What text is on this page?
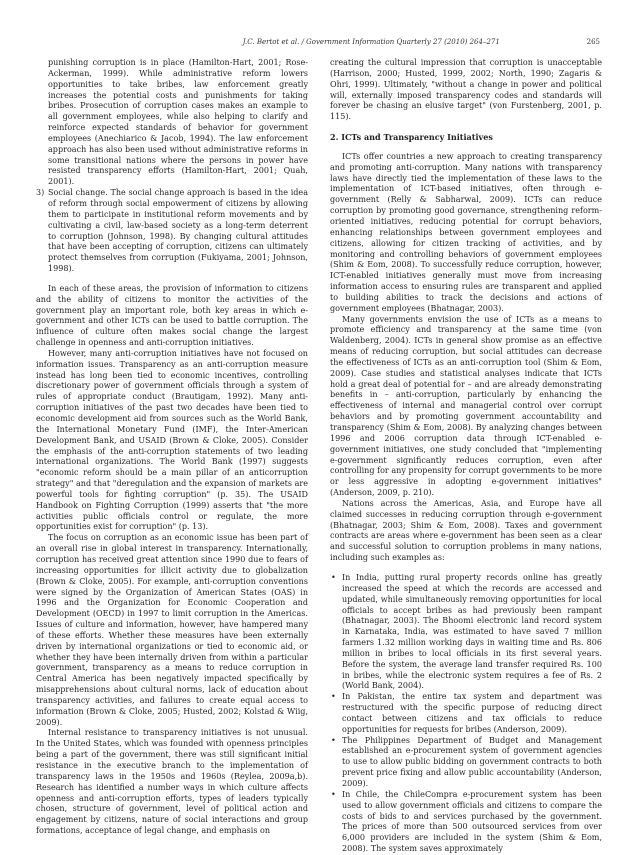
J.C. Bertot et al. / Government Information Quarterly 27 (2010) 264–271	265

punishing corruption is in place (Hamilton-Hart, 2001; Rose-Ackerman, 1999). While administrative reform lowers opportunities to take bribes, law enforcement greatly increases the potential costs and punishments for taking bribes. Prosecution of corruption cases makes an example to all government employees, while also helping to clarify and reinforce expected standards of behavior for government employees (Anechiarico & Jacob, 1994). The law enforcement approach has also been used without administrative reforms in some transitional nations where the persons in power have resisted transparency efforts (Hamilton-Hart, 2001; Quah, 2001).

3) Social change. The social change approach is based in the idea of reform through social empowerment of citizens by allowing them to participate in institutional reform movements and by cultivating a civil, law-based society as a long-term deterrent to corruption (Johnson, 1998). By changing cultural attitudes that have been accepting of corruption, citizens can ultimately protect themselves from corruption (Fukiyama, 2001; Johnson, 1998).

In each of these areas, the provision of information to citizens and the ability of citizens to monitor the activities of the government play an important role, both key areas in which e-government and other ICTs can be used to battle corruption. The influence of culture often makes social change the largest challenge in openness and anti-corruption initiatives.

However, many anti-corruption initiatives have not focused on information issues. Transparency as an anti-corruption measure instead has long been tied to economic incentives, controlling discretionary power of government officials through a system of rules of appropriate conduct (Brautigam, 1992). Many anti-corruption initiatives of the past two decades have been tied to economic development aid from sources such as the World Bank, the International Monetary Fund (IMF), the Inter-American Development Bank, and USAID (Brown & Cloke, 2005). Consider the emphasis of the anti-corruption statements of two leading international organizations. The World Bank (1997) suggests "economic reform should be a main pillar of an anticorruption strategy" and that "deregulation and the expansion of markets are powerful tools for fighting corruption" (p. 35). The USAID Handbook on Fighting Corruption (1999) asserts that "the more activities public officials control or regulate, the more opportunities exist for corruption" (p. 13).

The focus on corruption as an economic issue has been part of an overall rise in global interest in transparency. Internationally, corruption has received great attention since 1990 due to fears of increasing opportunities for illicit activity due to globalization (Brown & Cloke, 2005). For example, anti-corruption conventions were signed by the Organization of American States (OAS) in 1996 and the Organization for Economic Cooperation and Development (OECD) in 1997 to limit corruption in the Americas. Issues of culture and information, however, have hampered many of these efforts. Whether these measures have been externally driven by international organizations or tied to economic aid, or whether they have been internally driven from within a particular government, transparency as a means to reduce corruption in Central America has been negatively impacted specifically by misapprehensions about cultural norms, lack of education about transparency activities, and failures to create equal access to information (Brown & Cloke, 2005; Husted, 2002; Kolstad & Wiig, 2009).

Internal resistance to transparency initiatives is not unusual. In the United States, which was founded with openness principles being a part of the government, there was still significant initial resistance in the executive branch to the implementation of transparency laws in the 1950s and 1960s (Reylea, 2009a,b). Research has identified a number ways in which culture affects openness and anti-corruption efforts, types of leaders typically chosen, structure of government, level of political action and engagement by citizens, nature of social interactions and group formations, acceptance of legal change, and emphasis on

creating the cultural impression that corruption is unacceptable (Harrison, 2000; Husted, 1999, 2002; North, 1990; Zagaris & Ohri, 1999). Ultimately, "without a change in power and political will, externally imposed transparency codes and standards will forever be chasing an elusive target" (von Furstenberg, 2001, p. 115).

2. ICTs and Transparency Initiatives

ICTs offer countries a new approach to creating transparency and promoting anti-corruption. Many nations with transparency laws have directly tied the implementation of these laws to the implementation of ICT-based initiatives, often through e-government (Relly & Sabharwal, 2009). ICTs can reduce corruption by promoting good governance, strengthening reform-oriented initiatives, reducing potential for corrupt behaviors, enhancing relationships between government employees and citizens, allowing for citizen tracking of activities, and by monitoring and controlling behaviors of government employees (Shim & Eom, 2008). To successfully reduce corruption, however, ICT-enabled initiatives generally must move from increasing information access to ensuring rules are transparent and applied to building abilities to track the decisions and actions of government employees (Bhatnagar, 2003).

Many governments envision the use of ICTs as a means to promote efficiency and transparency at the same time (von Waldenberg, 2004). ICTs in general show promise as an effective means of reducing corruption, but social attitudes can decrease the effectiveness of ICTs as an anti-corruption tool (Shim & Eom, 2009). Case studies and statistical analyses indicate that ICTs hold a great deal of potential for – and are already demonstrating benefits in – anti-corruption, particularly by enhancing the effectiveness of internal and managerial control over corrupt behaviors and by promoting government accountability and transparency (Shim & Eom, 2008). By analyzing changes between 1996 and 2006 corruption data through ICT-enabled e-government initiatives, one study concluded that "implementing e-government significantly reduces corruption, even after controlling for any propensity for corrupt governments to be more or less aggressive in adopting e-government initiatives" (Anderson, 2009, p. 210).

Nations across the Americas, Asia, and Europe have all claimed successes in reducing corruption through e-government (Bhatnagar, 2003; Shim & Eom, 2008). Taxes and government contracts are areas where e-government has been seen as a clear and successful solution to corruption problems in many nations, including such examples as:

• In India, putting rural property records online has greatly increased the speed at which the records are accessed and updated, while simultaneously removing opportunities for local officials to accept bribes as had previously been rampant (Bhatnagar, 2003). The Bhoomi electronic land record system in Karnataka, India, was estimated to have saved 7 million farmers 1.32 million working days in waiting time and Rs. 806 million in bribes to local officials in its first several years. Before the system, the average land transfer required Rs. 100 in bribes, while the electronic system requires a fee of Rs. 2 (World Bank, 2004).
• In Pakistan, the entire tax system and department was restructured with the specific purpose of reducing direct contact between citizens and tax officials to reduce opportunities for requests for bribes (Anderson, 2009).
• The Philippines Department of Budget and Management established an e-procurement system of government agencies to use to allow public bidding on government contracts to both prevent price fixing and allow public accountability (Anderson, 2009).
• In Chile, the ChileCompra e-procurement system has been used to allow government officials and citizens to compare the costs of bids to and services purchased by the government. The prices of more than 500 outsourced services from over 6,000 providers are included in the system (Shim & Eom, 2008). The system saves approximately
